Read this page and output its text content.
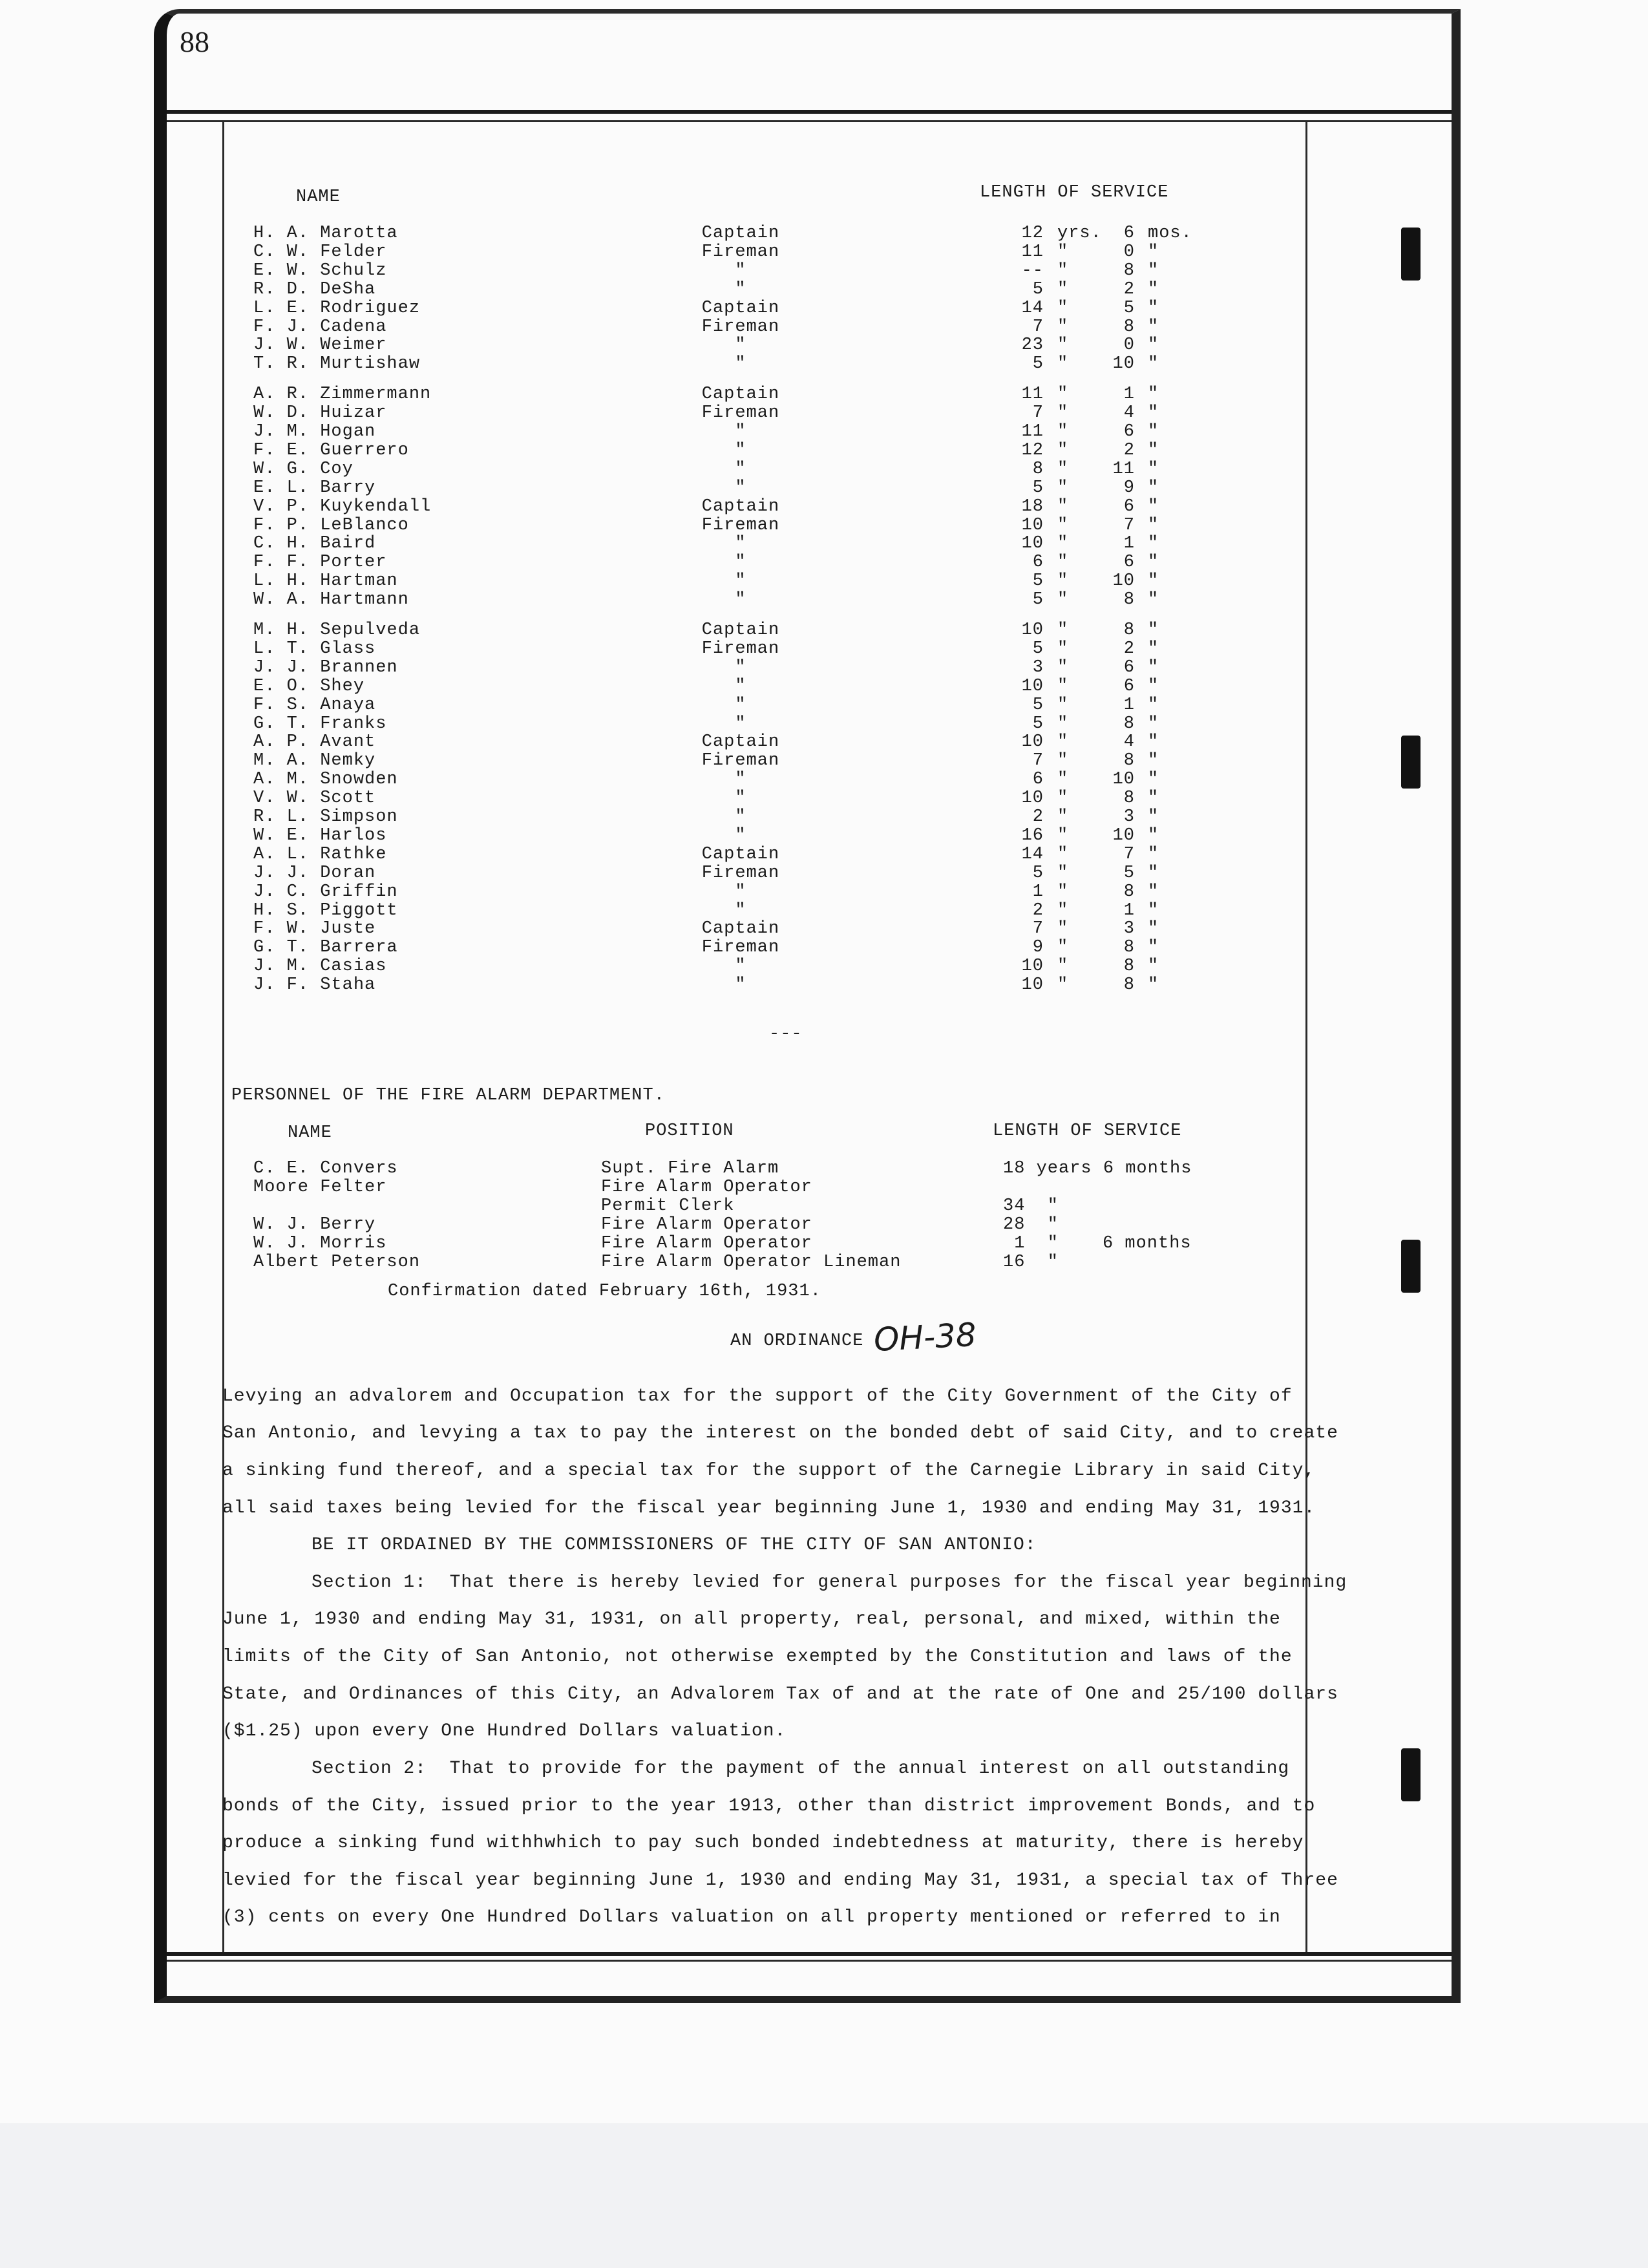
88
NAME	LENGTH OF SERVICE
H. A. Marotta	Captain	12 yrs.	6 mos.
C. W. Felder	Fireman	11 "	0 "
E. W. Schulz	"	-- "	8 "
R. D. DeSha	"	5 "	2 "
L. E. Rodriguez	Captain	14 "	5 "
F. J. Cadena	Fireman	7 "	8 "
J. W. Weimer	"	23 "	0 "
T. R. Murtishaw	"	5 "	10 "
A. R. Zimmermann	Captain	11 "	1 "
W. D. Huizar	Fireman	7 "	4 "
J. M. Hogan	"	11 "	6 "
F. E. Guerrero	"	12 "	2 "
W. G. Coy	"	8 "	11 "
E. L. Barry	"	5 "	9 "
V. P. Kuykendall	Captain	18 "	6 "
F. P. LeBlanco	Fireman	10 "	7 "
C. H. Baird	"	10 "	1 "
F. F. Porter	"	6 "	6 "
L. H. Hartman	"	5 "	10 "
W. A. Hartmann	"	5 "	8 "
M. H. Sepulveda	Captain	10 "	8 "
L. T. Glass	Fireman	5 "	2 "
J. J. Brannen	"	3 "	6 "
E. O. Shey	"	10 "	6 "
F. S. Anaya	"	5 "	1 "
G. T. Franks	"	5 "	8 "
A. P. Avant	Captain	10 "	4 "
M. A. Nemky	Fireman	7 "	8 "
A. M. Snowden	"	6 "	10 "
V. W. Scott	"	10 "	8 "
R. L. Simpson	"	2 "	3 "
W. E. Harlos	"	16 "	10 "
A. L. Rathke	Captain	14 "	7 "
J. J. Doran	Fireman	5 "	5 "
J. C. Griffin	"	1 "	8 "
H. S. Piggott	"	2 "	1 "
F. W. Juste	Captain	7 "	3 "
G. T. Barrera	Fireman	9 "	8 "
J. M. Casias	"	10 "	8 "
J. F. Staha	"	10 "	8 "
---
PERSONNEL OF THE FIRE ALARM DEPARTMENT.
NAME	POSITION	LENGTH OF SERVICE
C. E. Convers	Supt. Fire Alarm	18 years 6 months
Moore Felter	Fire Alarm Operator
Permit Clerk	34  "
W. J. Berry	Fire Alarm Operator	28  "
W. J. Morris	Fire Alarm Operator	1  "	6 months
Albert Peterson	Fire Alarm Operator Lineman	16  "
Confirmation dated February 16th, 1931.
AN ORDINANCE OH-38
Levying an advalorem and Occupation tax for the support of the City Government of the City of
San Antonio, and levying a tax to pay the interest on the bonded debt of said City, and to create
a sinking fund thereof, and a special tax for the support of the Carnegie Library in said City,
all said taxes being levied for the fiscal year beginning June 1, 1930 and ending May 31, 1931.
BE IT ORDAINED BY THE COMMISSIONERS OF THE CITY OF SAN ANTONIO:
Section 1:  That there is hereby levied for general purposes for the fiscal year beginning
June 1, 1930 and ending May 31, 1931, on all property, real, personal, and mixed, within the
limits of the City of San Antonio, not otherwise exempted by the Constitution and laws of the
State, and Ordinances of this City, an Advalorem Tax of and at the rate of One and 25/100 dollars
($1.25) upon every One Hundred Dollars valuation.
Section 2:  That to provide for the payment of the annual interest on all outstanding
bonds of the City, issued prior to the year 1913, other than district improvement Bonds, and to
produce a sinking fund withhwhich to pay such bonded indebtedness at maturity, there is hereby
levied for the fiscal year beginning June 1, 1930 and ending May 31, 1931, a special tax of Three
(3) cents on every One Hundred Dollars valuation on all property mentioned or referred to in
